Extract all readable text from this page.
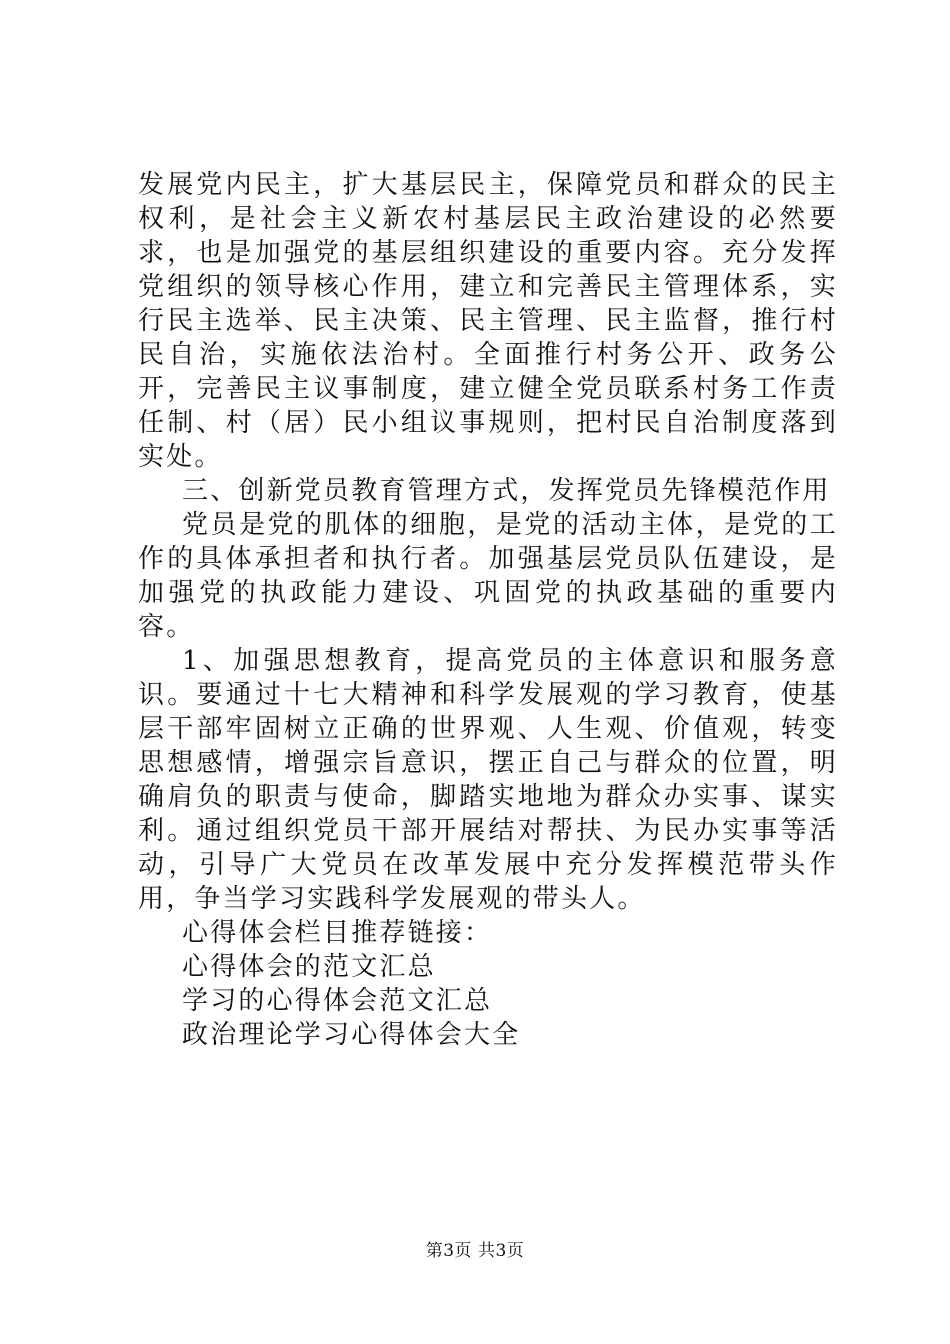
发展党内民主，扩大基层民主，保障党员和群众的民主权利，是社会主义新农村基层民主政治建设的必然要求，也是加强党的基层组织建设的重要内容。充分发挥党组织的领导核心作用，建立和完善民主管理体系，实行民主选举、民主决策、民主管理、民主监督，推行村民自治，实施依法治村。全面推行村务公开、政务公开，完善民主议事制度，建立健全党员联系村务工作责任制、村（居）民小组议事规则，把村民自治制度落到实处。

三、创新党员教育管理方式，发挥党员先锋模范作用

党员是党的肌体的细胞，是党的活动主体，是党的工作的具体承担者和执行者。加强基层党员队伍建设，是加强党的执政能力建设、巩固党的执政基础的重要内容。

1、加强思想教育，提高党员的主体意识和服务意识。要通过十七大精神和科学发展观的学习教育，使基层干部牢固树立正确的世界观、人生观、价值观，转变思想感情，增强宗旨意识，摆正自己与群众的位置，明确肩负的职责与使命，脚踏实地地为群众办实事、谋实利。通过组织党员干部开展结对帮扶、为民办实事等活动，引导广大党员在改革发展中充分发挥模范带头作用，争当学习实践科学发展观的带头人。

心得体会栏目推荐链接：

心得体会的范文汇总

学习的心得体会范文汇总

政治理论学习心得体会大全

第3页 共3页
